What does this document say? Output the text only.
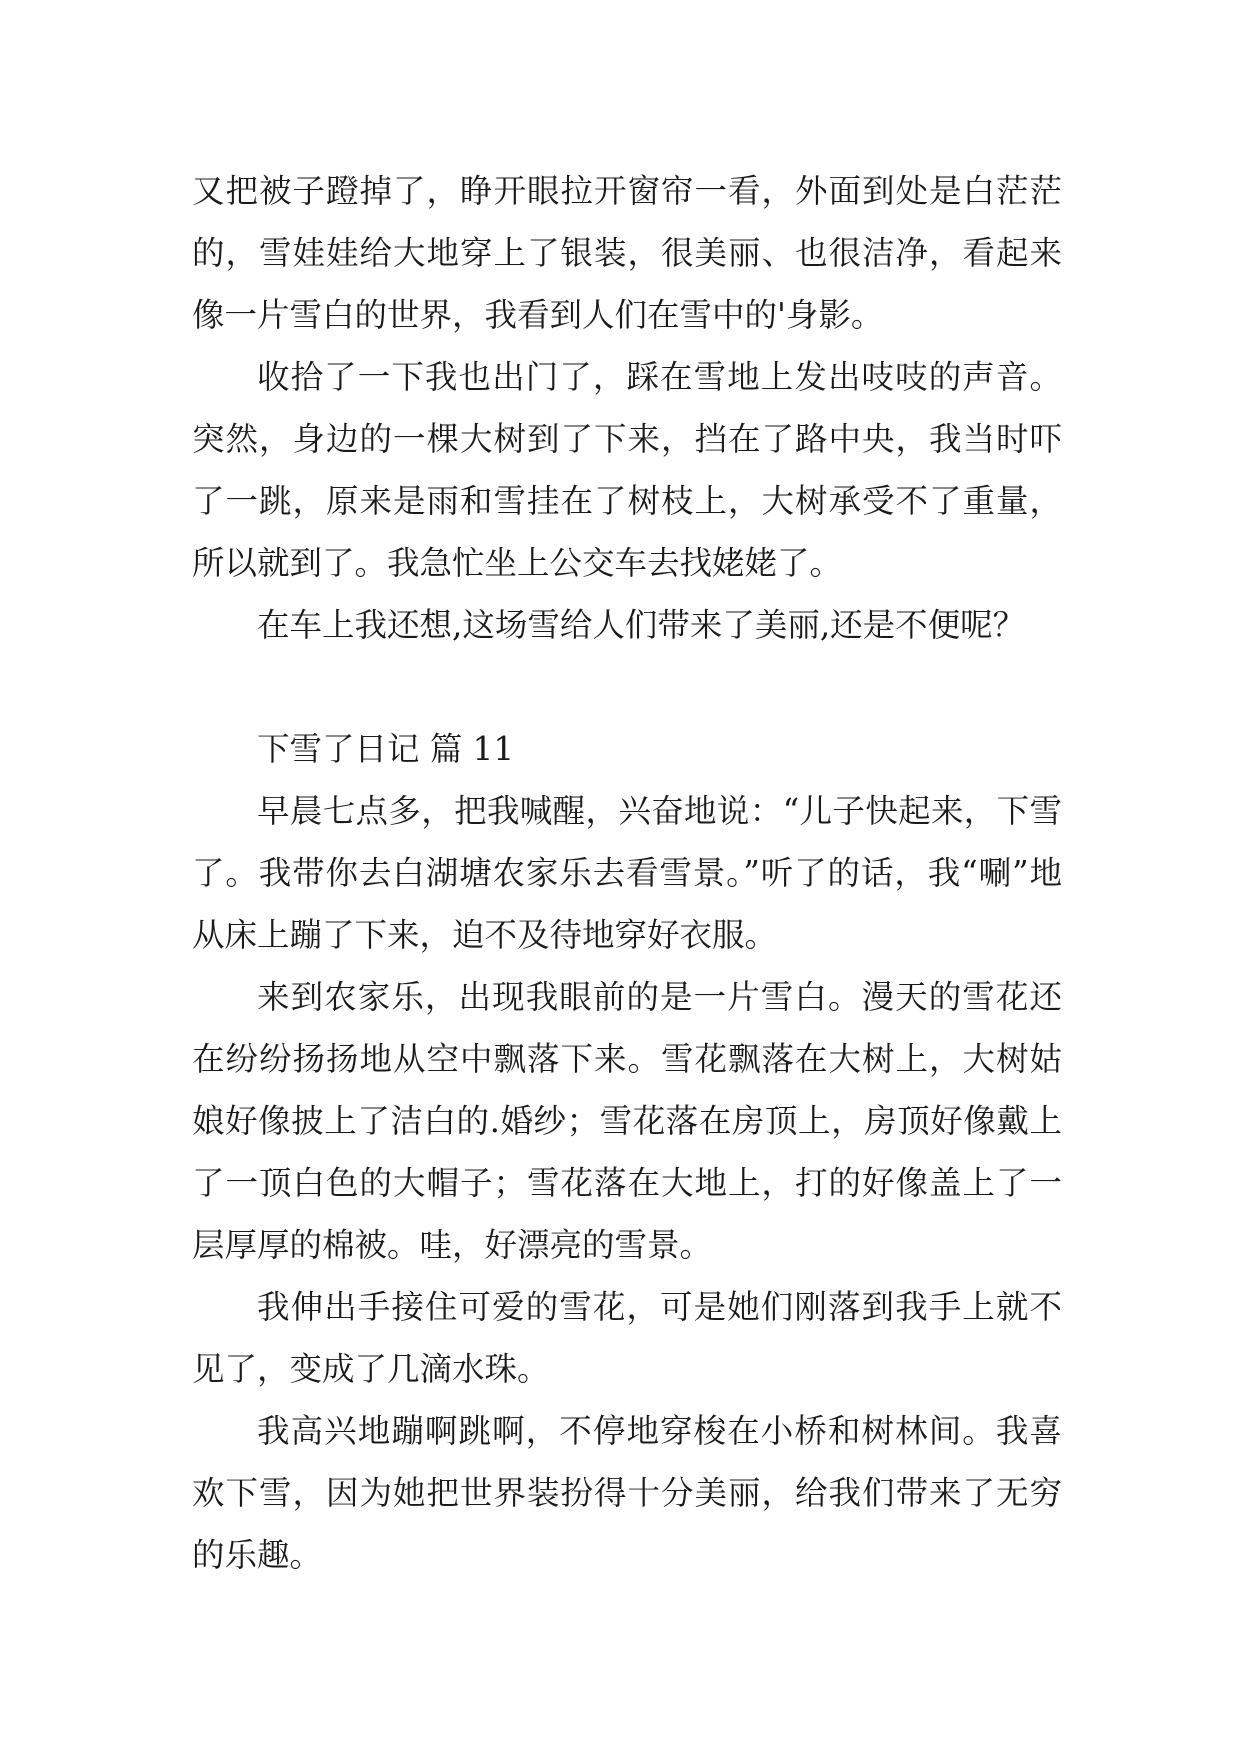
又把被子蹬掉了，睁开眼拉开窗帘一看，外面到处是白茫茫的，雪娃娃给大地穿上了银装，很美丽、也很洁净，看起来像一片雪白的世界，我看到人们在雪中的'身影。

收拾了一下我也出门了，踩在雪地上发出吱吱的声音。突然，身边的一棵大树到了下来，挡在了路中央，我当时吓了一跳，原来是雨和雪挂在了树枝上，大树承受不了重量，所以就到了。我急忙坐上公交车去找姥姥了。

在车上我还想,这场雪给人们带来了美丽,还是不便呢？

下雪了日记 篇 11

早晨七点多，把我喊醒，兴奋地说：“儿子快起来，下雪了。我带你去白湖塘农家乐去看雪景。”听了的话，我“唰”地从床上蹦了下来，迫不及待地穿好衣服。

来到农家乐，出现我眼前的是一片雪白。漫天的雪花还在纷纷扬扬地从空中飘落下来。雪花飘落在大树上，大树姑娘好像披上了洁白的.婚纱；雪花落在房顶上，房顶好像戴上了一顶白色的大帽子；雪花落在大地上，打的好像盖上了一层厚厚的棉被。哇，好漂亮的雪景。

我伸出手接住可爱的雪花，可是她们刚落到我手上就不见了，变成了几滴水珠。

我高兴地蹦啊跳啊，不停地穿梭在小桥和树林间。我喜欢下雪，因为她把世界装扮得十分美丽，给我们带来了无穷的乐趣。
